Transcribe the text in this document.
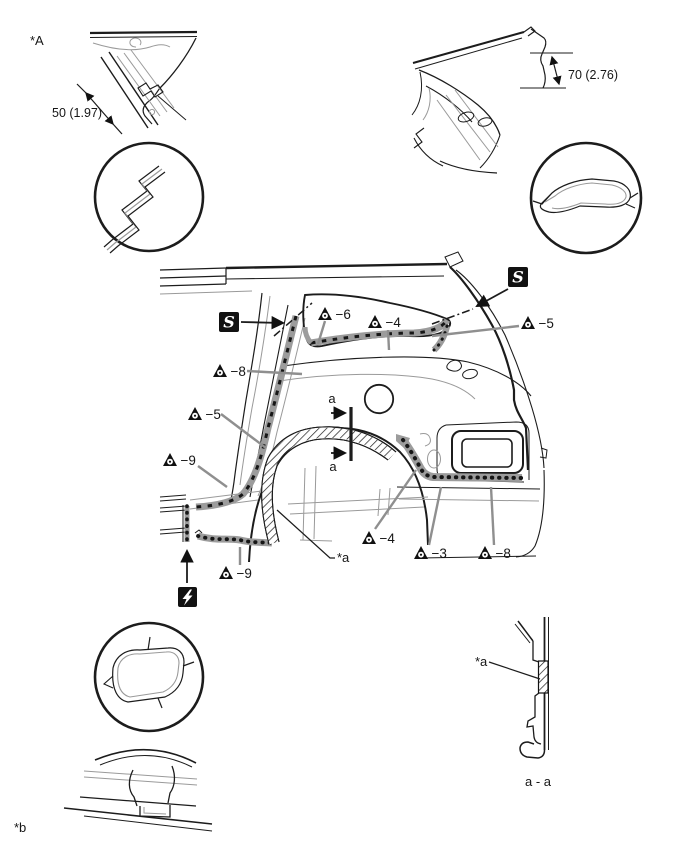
*A
50 (1.97)
70 (2.76)
S
S
a
a
*a
−6
−4	−5
−8
−5
−9
−9
−4
−3	−8
*b
*a
a - a
